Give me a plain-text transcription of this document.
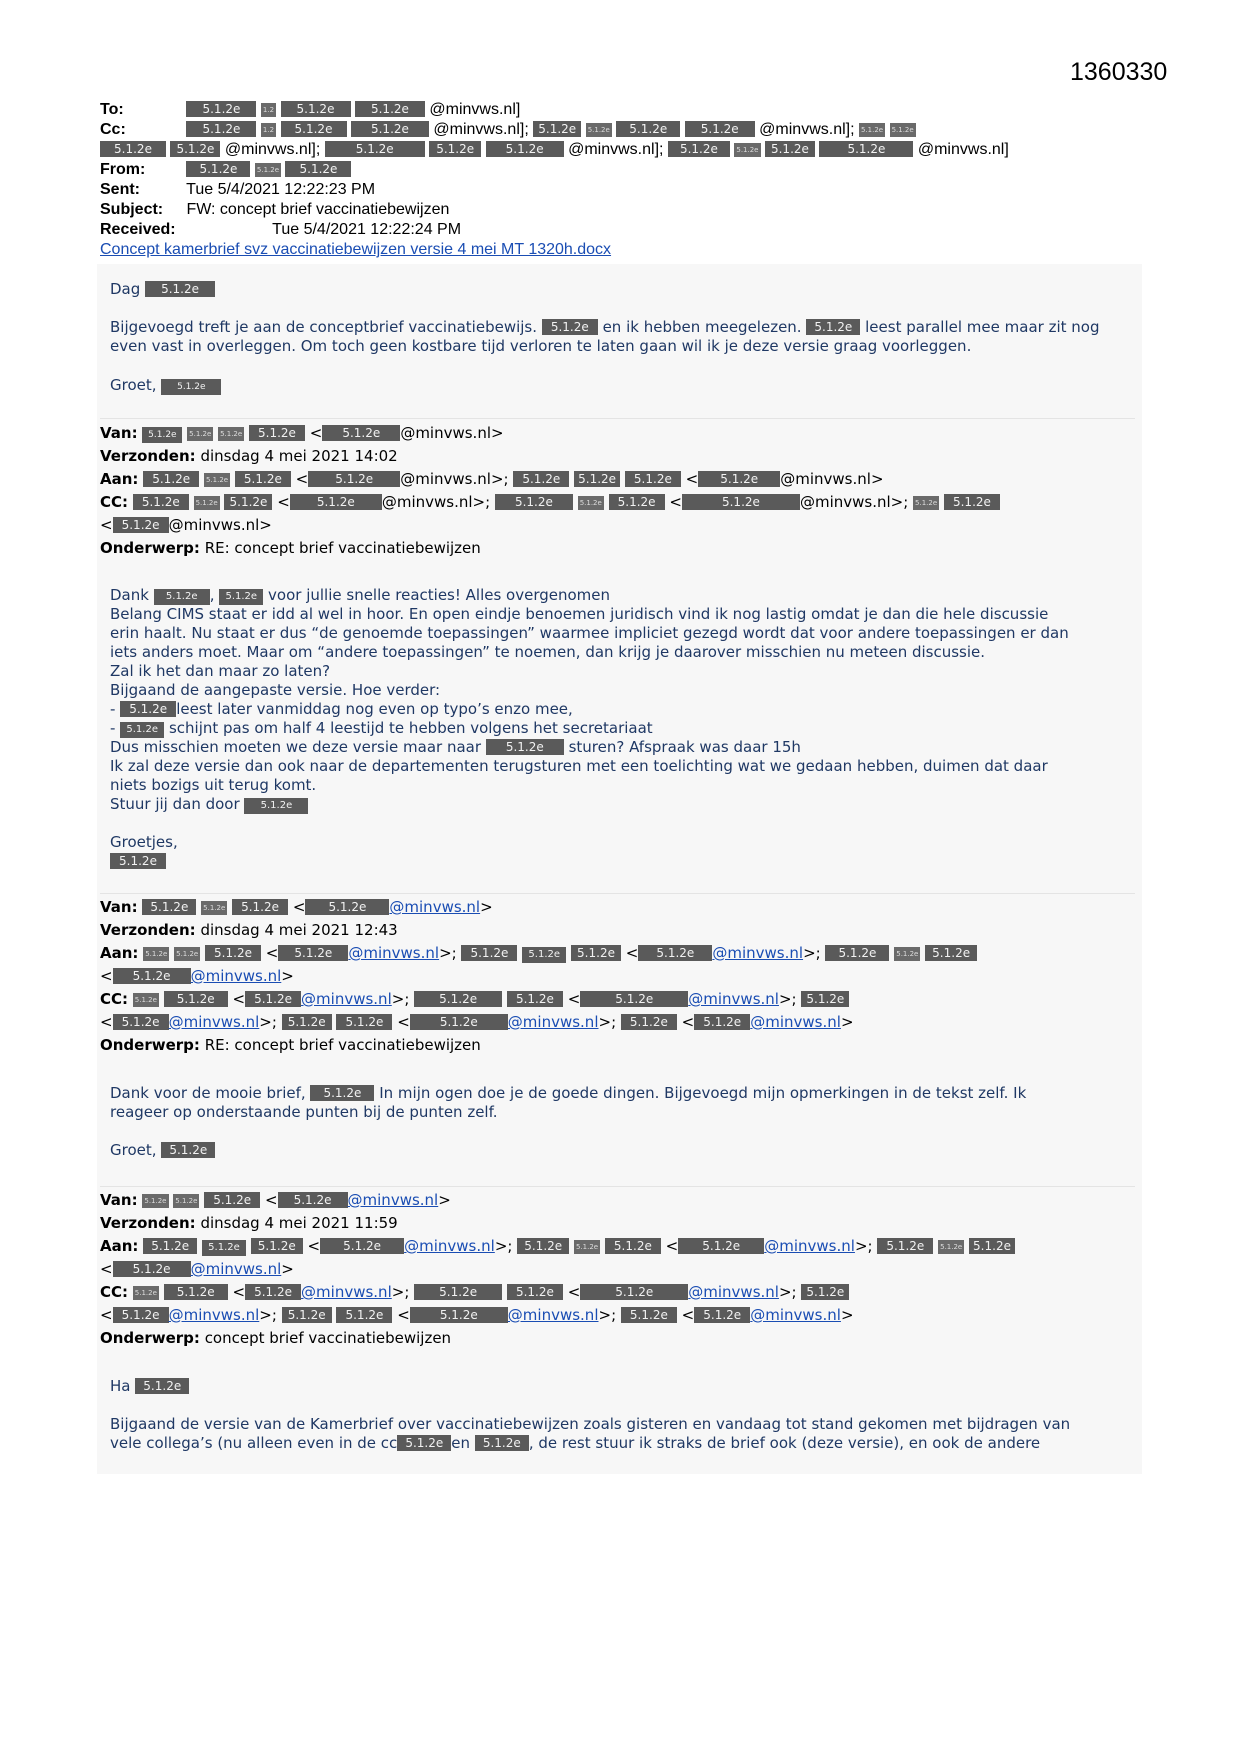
1360330
To:	5.1.2e	1.2 5.1.2e	5.1.2e @minvws.nl]
Cc:	5.1.2e	1.2 5.1.2e	5.1.2e @minvws.nl]; 5.1.2e 5.1.2e 5.1.2e	5.1.2e @minvws.nl]; 5.1.2e 5.1.2e
5.1.2e 5.1.2e @minvws.nl];	5.1.2e	5.1.2e	5.1.2e @minvws.nl]; 5.1.2e	5.1.2e 5.1.2e	5.1.2e @minvws.nl]
From:	5.1.2e	5.1.2e 5.1.2e
Sent:	Tue 5/4/2021 12:22:23 PM
Subject: FW: concept brief vaccinatiebewijzen
Received:	Tue 5/4/2021 12:22:24 PM
Concept kamerbrief svz vaccinatiebewijzen versie 4 mei MT 1320h.docx
Dag 5.1.2e

Bijgevoegd treft je aan de conceptbrief vaccinatiebewijs. 5.1.2e en ik hebben meegelezen. 5.1.2e leest parallel mee maar zit nog

even vast in overleggen. Om toch geen kostbare tijd verloren te laten gaan wil ik je deze versie graag voorleggen.

Groet, 5.1.2e
Van: 5.1.2e 5.1.2e 5.1.2e 5.1.2e < 5.1.2e @minvws.nl>
Verzonden: dinsdag 4 mei 2021 14:02
Aan: 5.1.2e 5.1.2e 5.1.2e < 5.1.2e @minvws.nl>; 5.1.2e 5.1.2e 5.1.2e < 5.1.2e @minvws.nl>
CC: 5.1.2e 5.1.2e 5.1.2e < 5.1.2e @minvws.nl>; 5.1.2e	5.1.2e 5.1.2e <	5.1.2e	@minvws.nl>; 5.1.2e 5.1.2e
< 5.1.2e @minvws.nl>
Onderwerp: RE: concept brief vaccinatiebewijzen

Dank 5.1.2e , 5.1.2e voor jullie snelle reacties! Alles overgenomen

Belang CIMS staat er idd al wel in hoor. En open eindje benoemen juridisch vind ik nog lastig omdat je dan die hele discussie

erin haalt. Nu staat er dus “de genoemde toepassingen” waarmee impliciet gezegd wordt dat voor andere toepassingen er dan

iets anders moet. Maar om “andere toepassingen” te noemen, dan krijg je daarover misschien nu meteen discussie.

Zal ik het dan maar zo laten?

Bijgaand de aangepaste versie. Hoe verder:

- 5.1.2e leest later vanmiddag nog even op typo’s enzo mee,

- 5.1.2e schijnt pas om half 4 leestijd te hebben volgens het secretariaat

Dus misschien moeten we deze versie maar naar 5.1.2e sturen? Afspraak was daar 15h

Ik zal deze versie dan ook naar de departementen terugsturen met een toelichting wat we gedaan hebben, duimen dat daar

niets bozigs uit terug komt.

Stuur jij dan door 5.1.2e

Groetjes,

5.1.2e

Van: 5.1.2e 5.1.2e 5.1.2e < 5.1.2e @minvws.nl>
Verzonden: dinsdag 4 mei 2021 12:43
Aan: 5.1.2e 5.1.2e 5.1.2e < 5.1.2e @minvws.nl>; 5.1.2e 5.1.2e 5.1.2e < 5.1.2e @minvws.nl>; 5.1.2e	5.1.2e 5.1.2e
< 5.1.2e @minvws.nl>
CC: 5.1.2e 5.1.2e < 5.1.2e @minvws.nl>; 5.1.2e	5.1.2e <	5.1.2e @minvws.nl>; 5.1.2e
< 5.1.2e @minvws.nl>; 5.1.2e 5.1.2e <	5.1.2e @minvws.nl>; 5.1.2e < 5.1.2e @minvws.nl>
Onderwerp: RE: concept brief vaccinatiebewijzen

Dank voor de mooie brief, 5.1.2e In mijn ogen doe je de goede dingen. Bijgevoegd mijn opmerkingen in de tekst zelf. Ik

reageer op onderstaande punten bij de punten zelf.

Groet, 5.1.2e

Van: 5.1.2e 5.1.2e 5.1.2e < 5.1.2e @minvws.nl>
Verzonden: dinsdag 4 mei 2021 11:59
Aan: 5.1.2e 5.1.2e 5.1.2e < 5.1.2e @minvws.nl>; 5.1.2e 5.1.2e 5.1.2e < 5.1.2e @minvws.nl>; 5.1.2e 5.1.2e 5.1.2e
< 5.1.2e @minvws.nl>
CC: 5.1.2e 5.1.2e < 5.1.2e @minvws.nl>; 5.1.2e	5.1.2e <	5.1.2e @minvws.nl>; 5.1.2e
< 5.1.2e @minvws.nl>; 5.1.2e 5.1.2e <	5.1.2e @minvws.nl>; 5.1.2e < 5.1.2e @minvws.nl>
Onderwerp: concept brief vaccinatiebewijzen
Ha 5.1.2e

Bijgaand de versie van de Kamerbrief over vaccinatiebewijzen zoals gisteren en vandaag tot stand gekomen met bijdragen van

vele collega’s (nu alleen even in de cc 5.1.2e en 5.1.2e , de rest stuur ik straks de brief ook (deze versie), en ook de andere
